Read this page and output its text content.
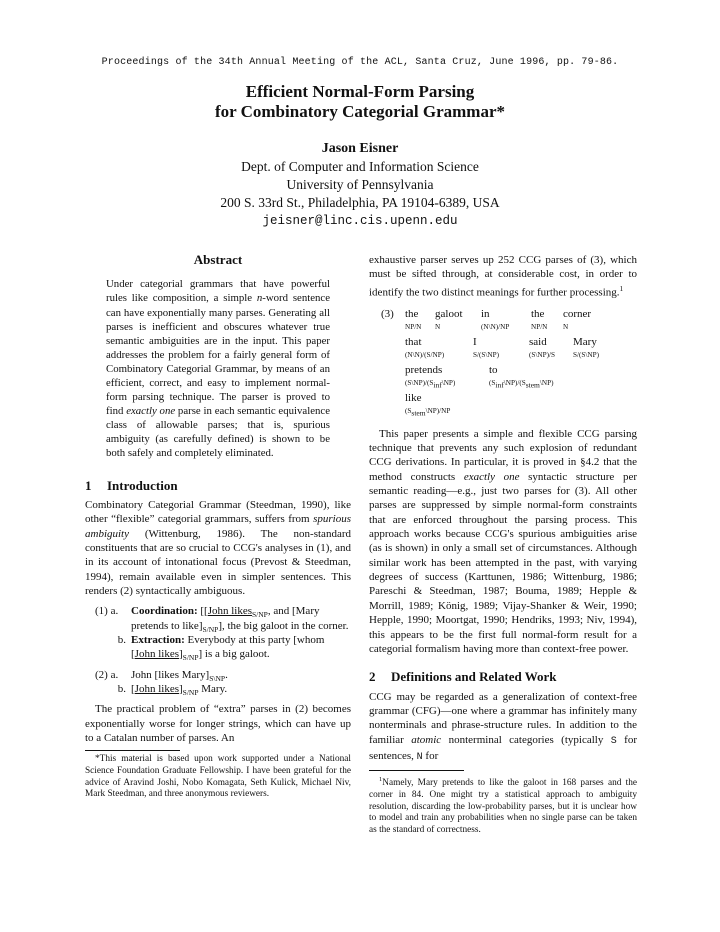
Proceedings of the 34th Annual Meeting of the ACL, Santa Cruz, June 1996, pp. 79-86.
Efficient Normal-Form Parsing
for Combinatory Categorial Grammar*
Jason Eisner
Dept. of Computer and Information Science
University of Pennsylvania
200 S. 33rd St., Philadelphia, PA 19104-6389, USA
jeisner@linc.cis.upenn.edu
Abstract

Under categorial grammars that have powerful rules like composition, a simple n-word sentence can have exponentially many parses. Generating all parses is inefficient and obscures whatever true semantic ambiguities are in the input. This paper addresses the problem for a fairly general form of Combinatory Categorial Grammar, by means of an efficient, correct, and easy to implement normal-form parsing technique. The parser is proved to find exactly one parse in each semantic equivalence class of allowable parses; that is, spurious ambiguity (as carefully defined) is shown to be both safely and completely eliminated.

1 Introduction

Combinatory Categorial Grammar (Steedman, 1990), like other “flexible” categorial grammars, suffers from spurious ambiguity (Wittenburg, 1986). The non-standard constituents that are so crucial to CCG's analyses in (1), and in its account of intonational focus (Prevost & Steedman, 1994), remain available even in simpler sentences. This renders (2) syntactically ambiguous.

(1) a.	Coordination: [[John likes$_{S/NP}$, and [Mary pretends to $like]_{S/NP}$], the big galoot in the corner.
b. Extraction: Everybody at this party [whom [John $likes]_{S/NP}$] is a big galoot.
(2) a.	John [likes $Mary]_{S\backslash NP}$.
b. [John $likes]_{S/NP}$ Mary.

The practical problem of “extra” parses in (2) becomes exponentially worse for longer strings, which can have up to a Catalan number of parses. An

*This material is based upon work supported under a National Science Foundation Graduate Fellowship. I have been grateful for the advice of Aravind Joshi, Nobo Komagata, Seth Kulick, Michael Niv, Mark Steedman, and three anonymous reviewers.

exhaustive parser serves up 252 CCG parses of (3), which must be sifted through, at considerable cost, in order to identify the two distinct meanings for further processing.$^1$

(3)	the	galoot	in	the	corner
NP/N	N	(N\N)/NP	NP/N	N
that	I	said	Mary
(N\N)/(S/NP)	S/(S\NP)	(S\NP)/S	S/(S\NP)
pretends	to
$(S\backslash NP)/(S_{inf}\backslash NP)$	$(S_{inf}\backslash NP)/(S_{stem}\backslash NP)$
like
$(S_{stem}\backslash NP)/NP$

This paper presents a simple and flexible CCG parsing technique that prevents any such explosion of redundant CCG derivations. In particular, it is proved in §4.2 that the method constructs exactly one syntactic structure per semantic reading—e.g., just two parses for (3). All other parses are suppressed by simple normal-form constraints that are enforced throughout the parsing process. This approach works because CCG's spurious ambiguities arise (as is shown) in only a small set of circumstances. Although similar work has been attempted in the past, with varying degrees of success (Karttunen, 1986; Wittenburg, 1986; Pareschi & Steedman, 1987; Bouma, 1989; Hepple & Morrill, 1989; König, 1989; Vijay-Shanker & Weir, 1990; Hepple, 1990; Moortgat, 1990; Hendriks, 1993; Niv, 1994), this appears to be the first full normal-form result for a categorial formalism having more than context-free power.

2 Definitions and Related Work

CCG may be regarded as a generalization of context-free grammar (CFG)—one where a grammar has infinitely many nonterminals and phrase-structure rules. In addition to the familiar atomic nonterminal categories (typically S for sentences, N for

$^1$Namely, Mary pretends to like the galoot in 168 parses and the corner in 84. One might try a statistical approach to ambiguity resolution, discarding the low-probability parses, but it is unclear how to model and train any probabilities when no single parse can be taken as the standard of correctness.
